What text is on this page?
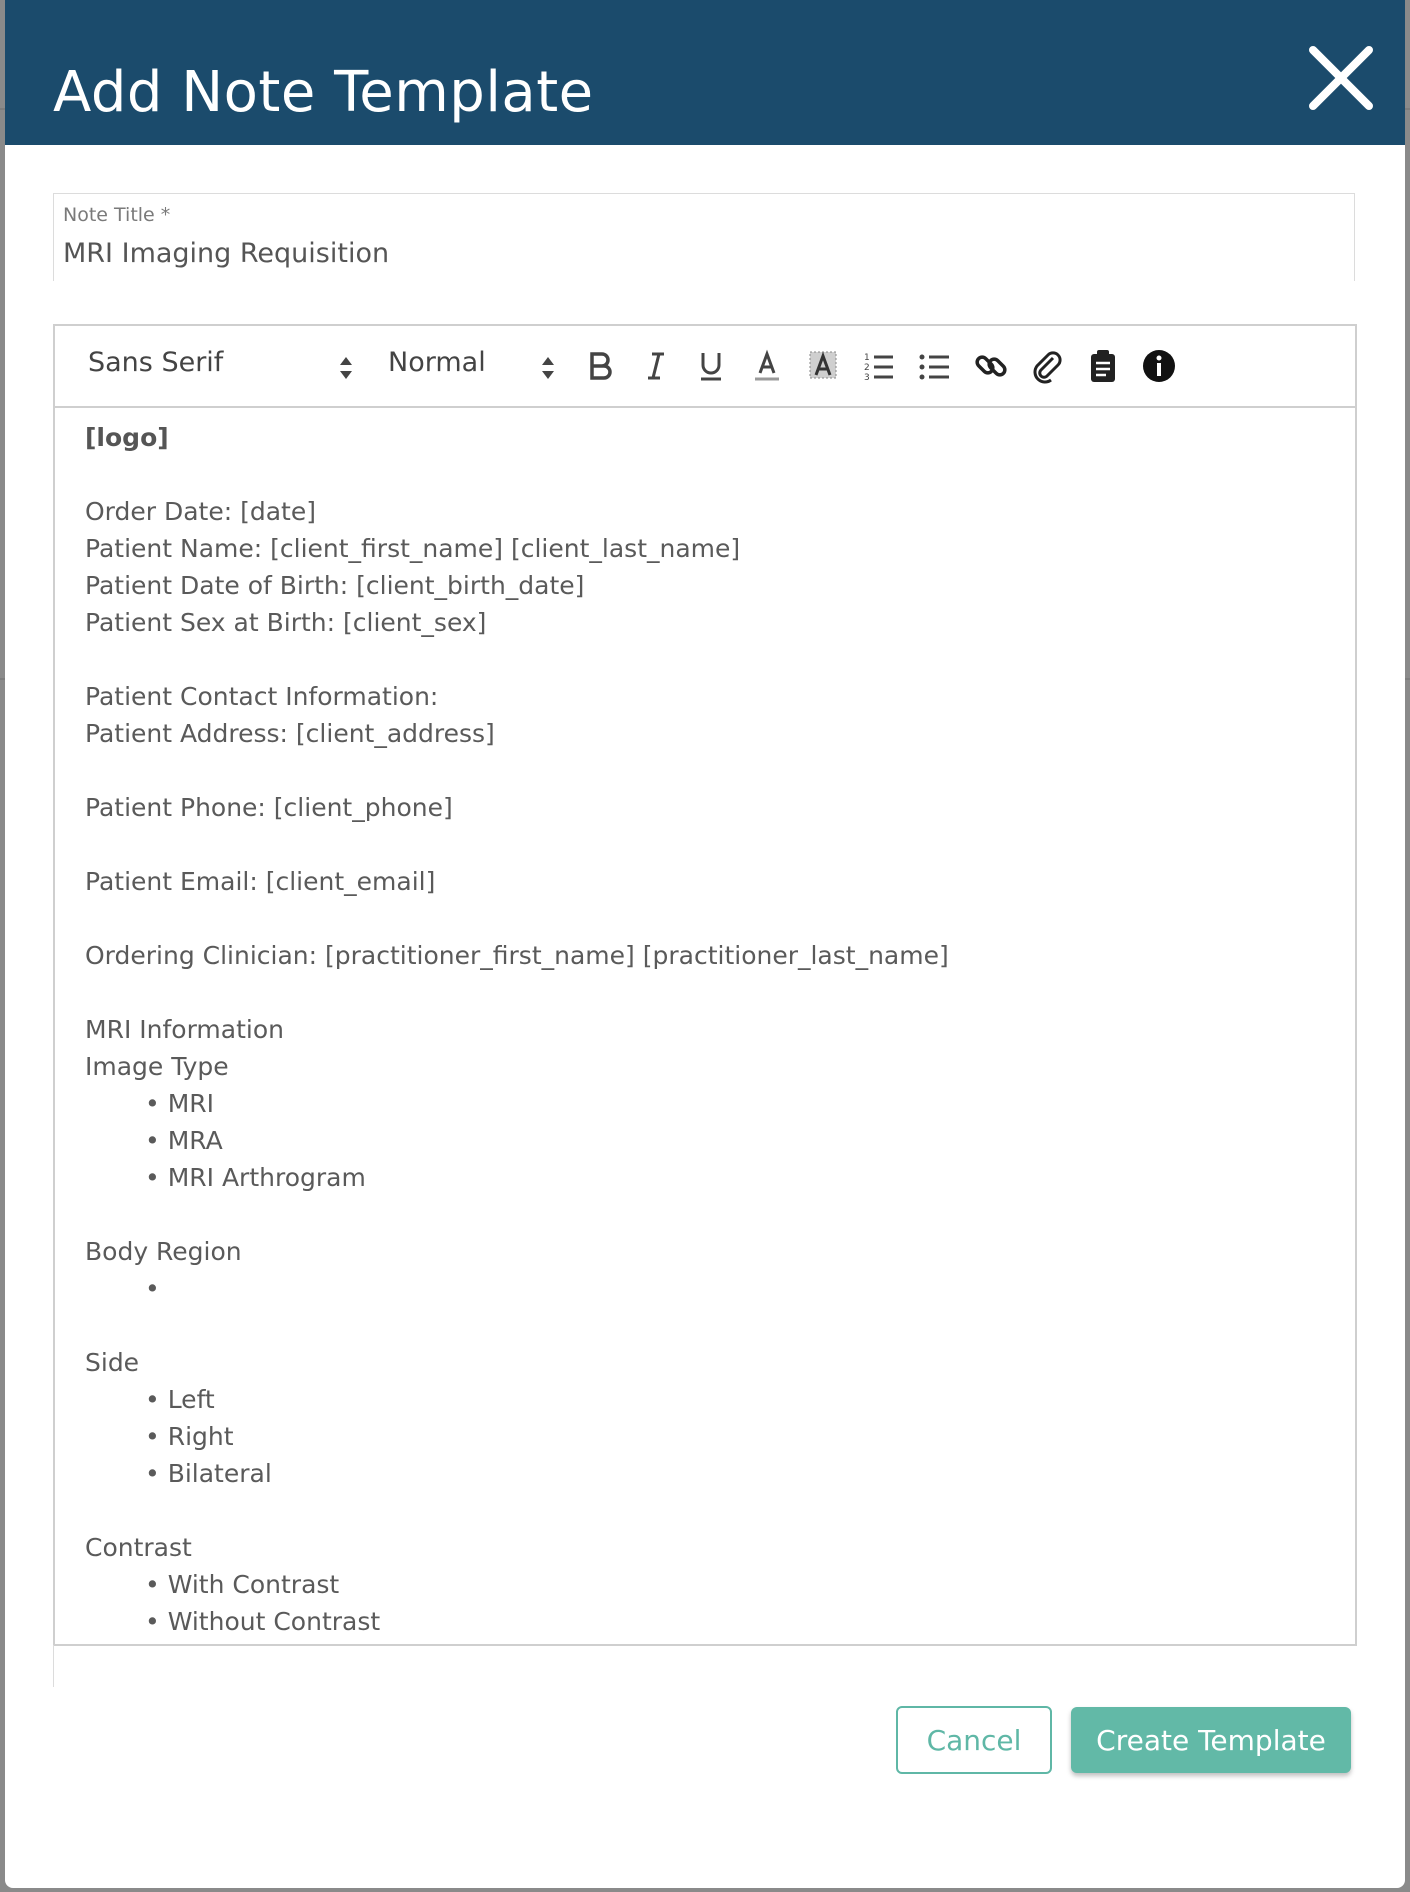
Add Note Template
Note Title *
MRI Imaging Requisition
Sans Serif	Normal	1
2
3
[logo]
Order Date: [date]
Patient Name: [client_first_name] [client_last_name]
Patient Date of Birth: [client_birth_date]
Patient Sex at Birth: [client_sex]
Patient Contact Information:
Patient Address: [client_address]
Patient Phone: [client_phone]
Patient Email: [client_email]
Ordering Clinician: [practitioner_first_name] [practitioner_last_name]
MRI Information
Image Type
• MRI
• MRA
• MRI Arthrogram
Body Region
•
Side
• Left
• Right
• Bilateral
Contrast
• With Contrast
• Without Contrast
Cancel	Create Template
